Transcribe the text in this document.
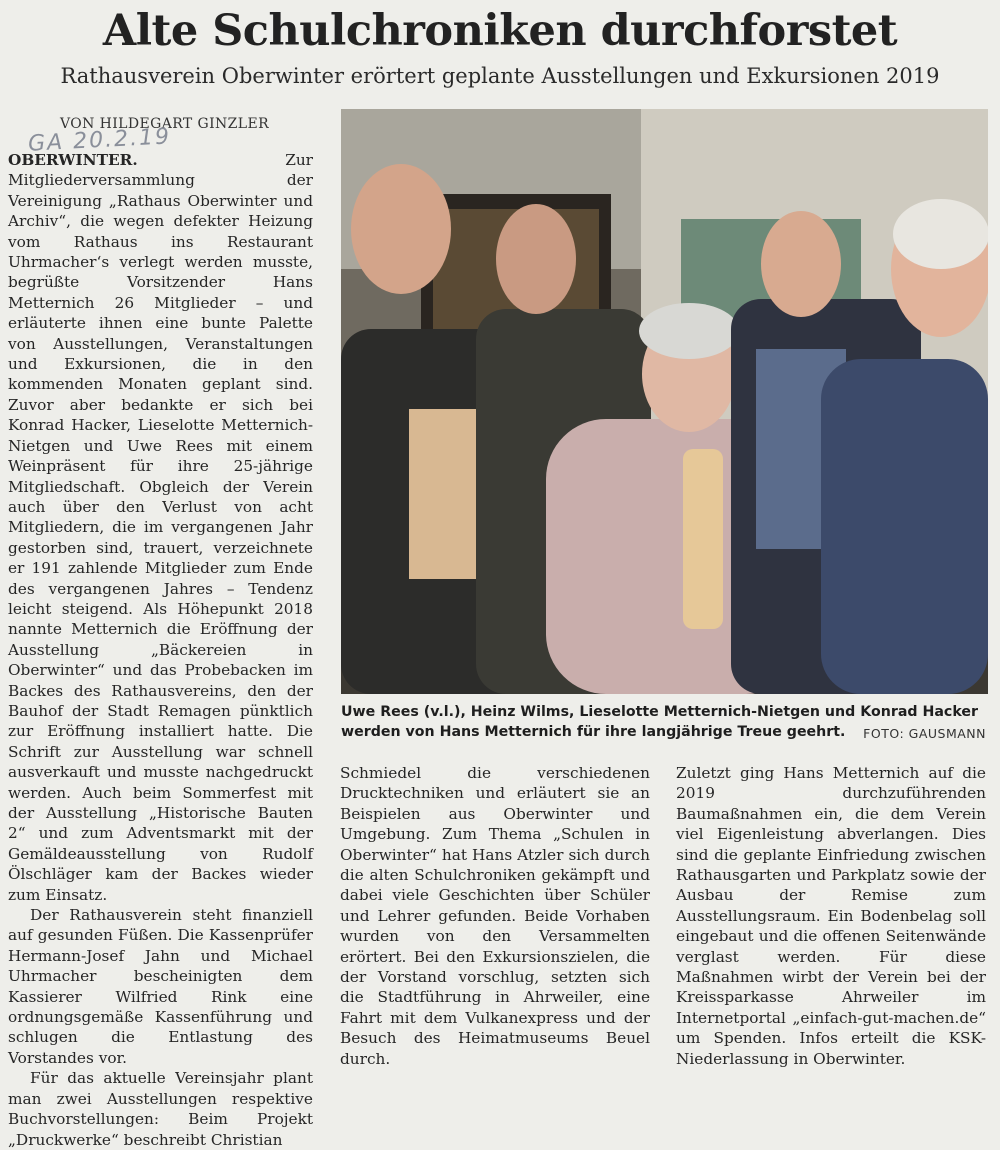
Alte Schulchroniken durchforstet
Rathausverein Oberwinter erörtert geplante Ausstellungen und Exkursionen 2019
VON HILDEGART GINZLER
GA 20.2.19

OBERWINTER. Zur Mitgliederversammlung der Vereinigung „Rathaus Oberwinter und Archiv“, die wegen defekter Heizung vom Rathaus ins Restaurant Uhrmacher‘s verlegt werden musste, begrüßte Vorsitzender Hans Metternich 26 Mitglieder – und erläuterte ihnen eine bunte Palette von Ausstellungen, Veranstaltungen und Exkursionen, die in den kommenden Monaten geplant sind. Zuvor aber bedankte er sich bei Konrad Hacker, Lieselotte Metternich-Nietgen und Uwe Rees mit einem Weinpräsent für ihre 25-jährige Mitgliedschaft. Obgleich der Verein auch über den Verlust von acht Mitgliedern, die im vergangenen Jahr gestorben sind, trauert, verzeichnete er 191 zahlende Mitglieder zum Ende des vergangenen Jahres – Tendenz leicht steigend. Als Höhepunkt 2018 nannte Metternich die Eröffnung der Ausstellung „Bäckereien in Oberwinter“ und das Probebacken im Backes des Rathausvereins, den der Bauhof der Stadt Remagen pünktlich zur Eröffnung installiert hatte. Die Schrift zur Ausstellung war schnell ausverkauft und musste nachgedruckt werden. Auch beim Sommerfest mit der Ausstellung „Historische Bauten 2“ und zum Adventsmarkt mit der Gemäldeausstellung von Rudolf Ölschläger kam der Backes wieder zum Einsatz.

Der Rathausverein steht finanziell auf gesunden Füßen. Die Kassenprüfer Hermann-Josef Jahn und Michael Uhrmacher bescheinigten dem Kassierer Wilfried Rink eine ordnungsgemäße Kassenführung und schlugen die Entlastung des Vorstandes vor.

Für das aktuelle Vereinsjahr plant man zwei Ausstellungen respektive Buchvorstellungen: Beim Projekt „Druckwerke“ beschreibt Christian

Uwe Rees (v.l.), Heinz Wilms, Lieselotte Metternich-Nietgen und Konrad Hacker werden von Hans Metternich für ihre langjährige Treue geehrt.	FOTO: GAUSMANN

Schmiedel die verschiedenen Drucktechniken und erläutert sie an Beispielen aus Oberwinter und Umgebung. Zum Thema „Schulen in Oberwinter“ hat Hans Atzler sich durch die alten Schulchroniken gekämpft und dabei viele Geschichten über Schüler und Lehrer gefunden. Beide Vorhaben wurden von den Versammelten erörtert. Bei den Exkursionszielen, die der Vorstand vorschlug, setzten sich die Stadtführung in Ahrweiler, eine Fahrt mit dem Vulkanexpress und der Besuch des Heimatmuseums Beuel durch.

Zuletzt ging Hans Metternich auf die 2019 durchzuführenden Baumaßnahmen ein, die dem Verein viel Eigenleistung abverlangen. Dies sind die geplante Einfriedung zwischen Rathausgarten und Parkplatz sowie der Ausbau der Remise zum Ausstellungsraum. Ein Bodenbelag soll eingebaut und die offenen Seitenwände verglast werden. Für diese Maßnahmen wirbt der Verein bei der Kreissparkasse Ahrweiler im Internetportal „einfach-gut-machen.de“ um Spenden. Infos erteilt die KSK-Niederlassung in Oberwinter.
